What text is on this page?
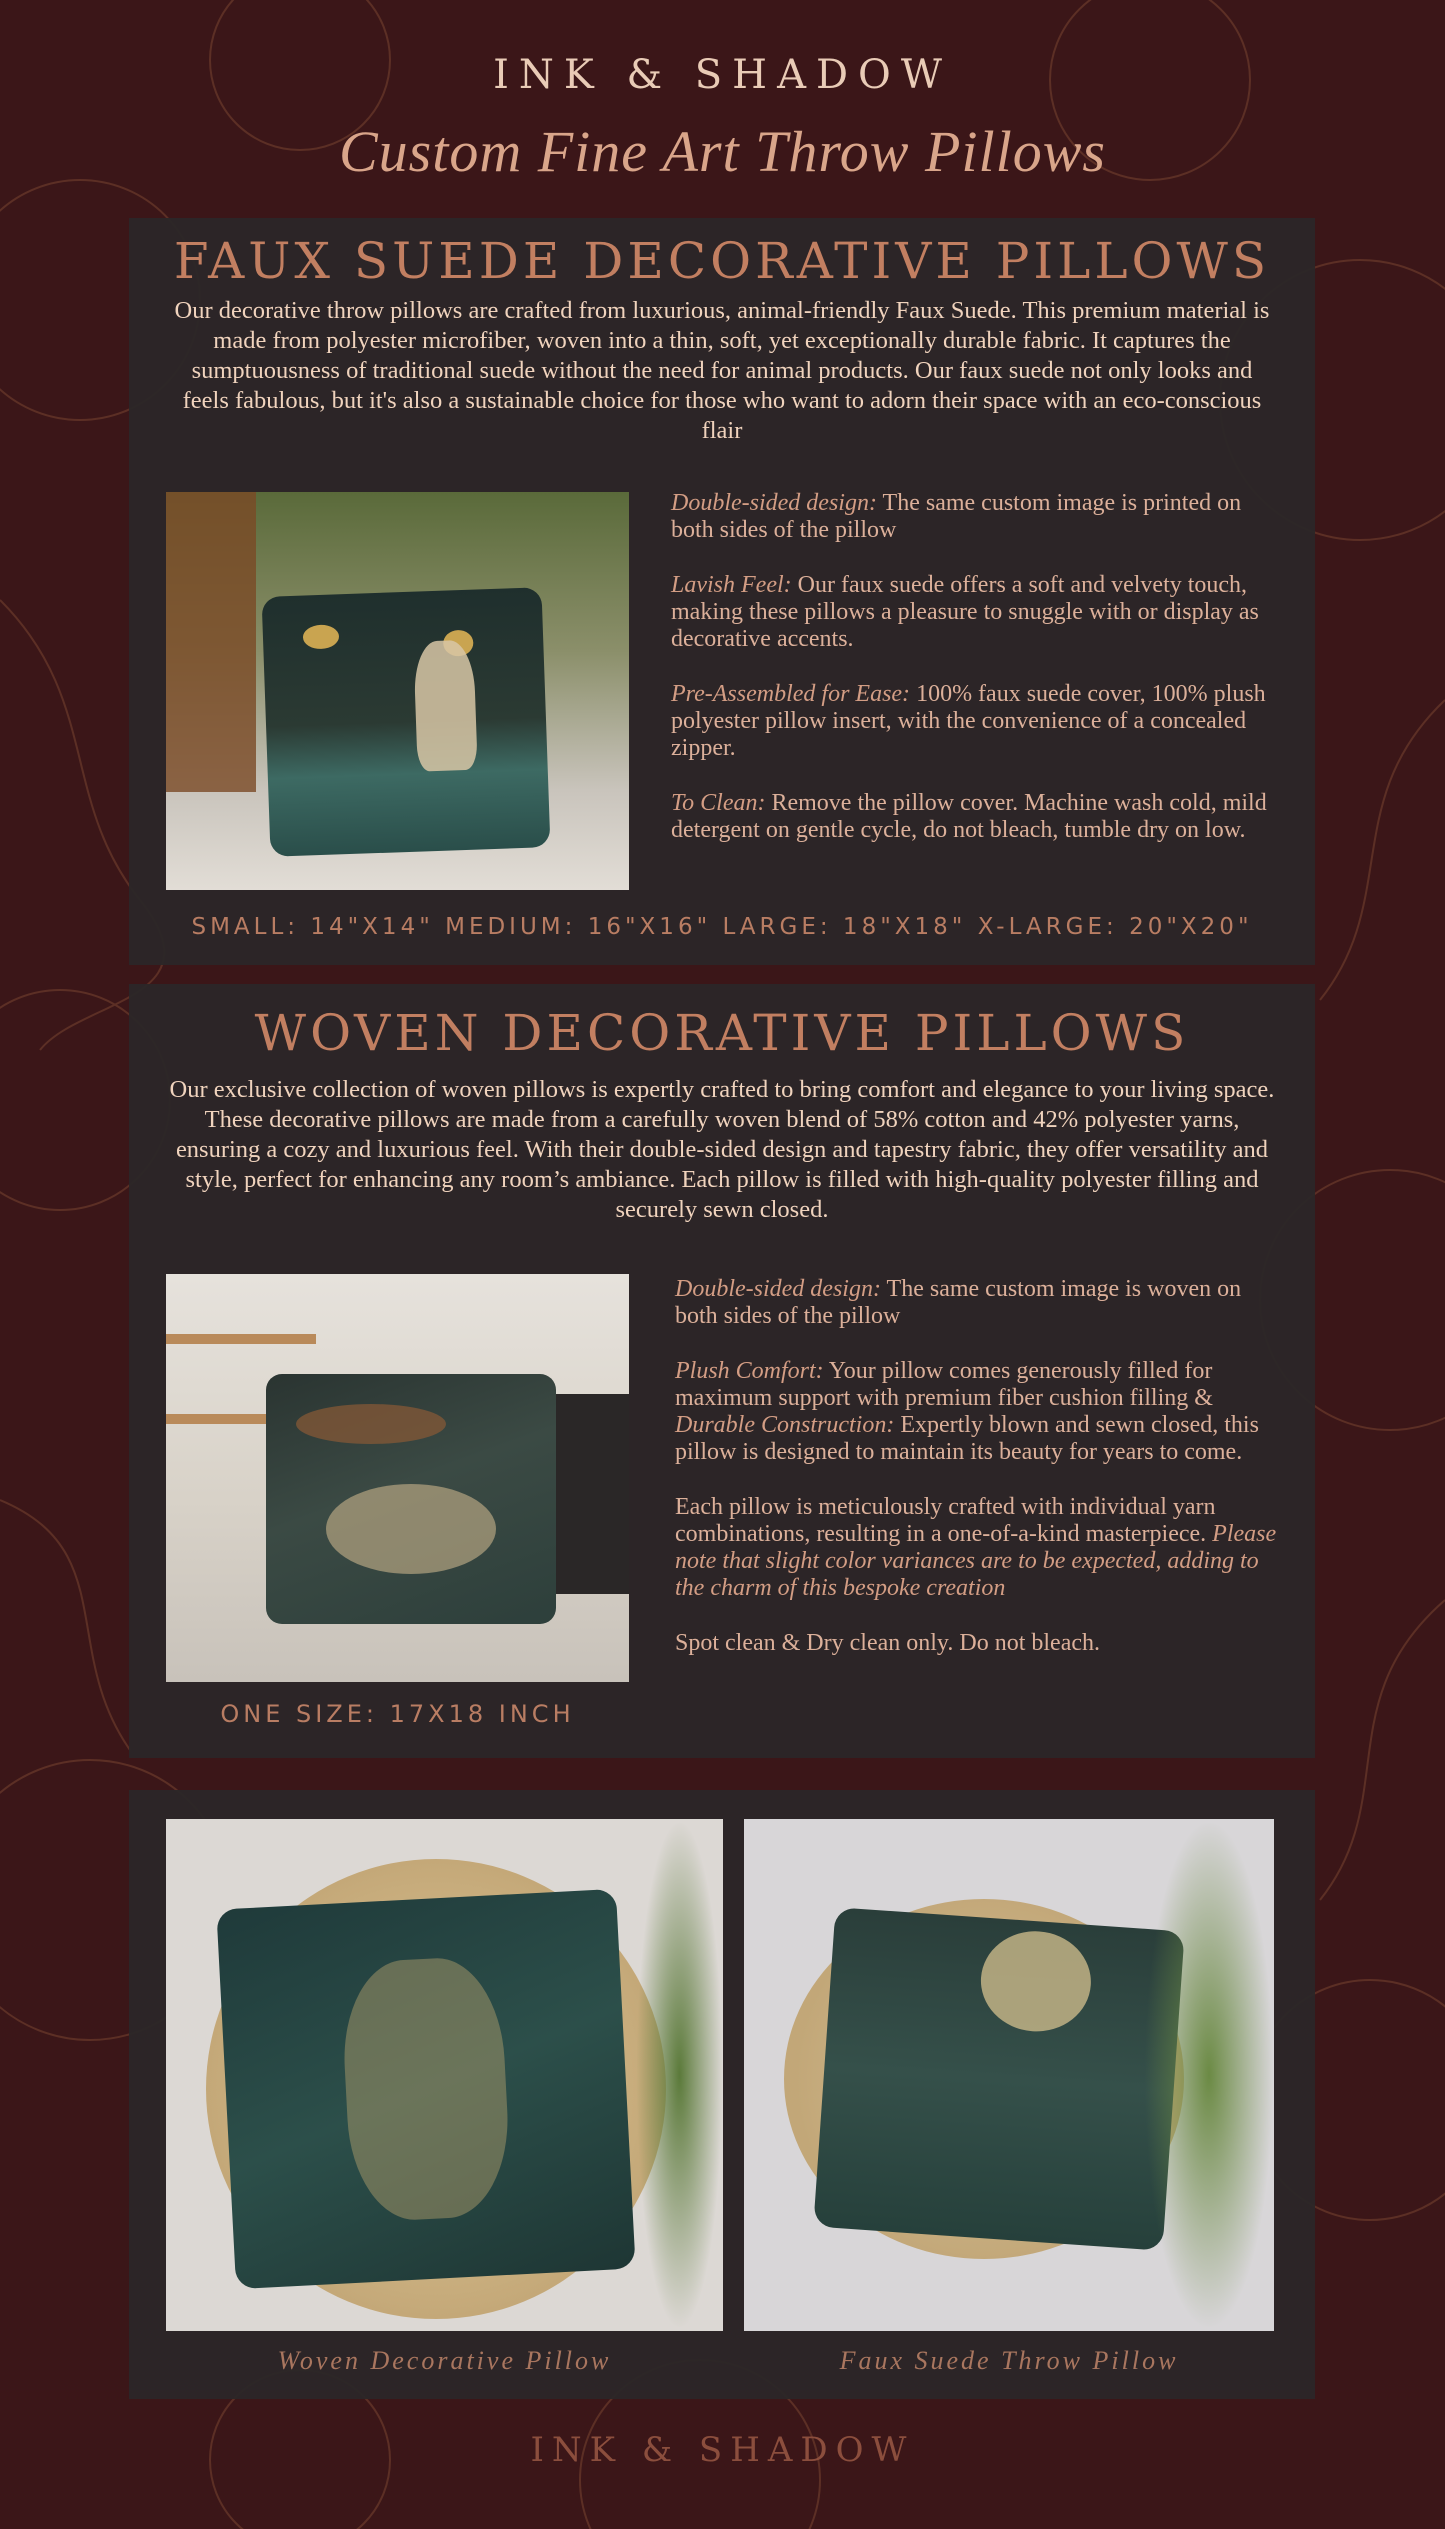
INK & SHADOW
Custom Fine Art Throw Pillows
FAUX SUEDE DECORATIVE PILLOWS
Our decorative throw pillows are crafted from luxurious, animal-friendly Faux Suede. This premium material is made from polyester microfiber, woven into a thin, soft, yet exceptionally durable fabric. It captures the sumptuousness of traditional suede without the need for animal products. Our faux suede not only looks and feels fabulous, but it's also a sustainable choice for those who want to adorn their space with an eco-conscious flair

Double-sided design: The same custom image is printed on both sides of the pillow

Lavish Feel: Our faux suede offers a soft and velvety touch, making these pillows a pleasure to snuggle with or display as decorative accents.

Pre-Assembled for Ease: 100% faux suede cover, 100% plush polyester pillow insert, with the convenience of a concealed zipper.

To Clean: Remove the pillow cover. Machine wash cold, mild detergent on gentle cycle, do not bleach, tumble dry on low.

SMALL: 14"X14" MEDIUM: 16"X16" LARGE: 18"X18" X-LARGE: 20"X20"
WOVEN DECORATIVE PILLOWS
Our exclusive collection of woven pillows is expertly crafted to bring comfort and elegance to your living space. These decorative pillows are made from a carefully woven blend of 58% cotton and 42% polyester yarns, ensuring a cozy and luxurious feel. With their double-sided design and tapestry fabric, they offer versatility and style, perfect for enhancing any room’s ambiance. Each pillow is filled with high-quality polyester filling and securely sewn closed.

Double-sided design: The same custom image is woven on both sides of the pillow

Plush Comfort: Your pillow comes generously filled for maximum support with premium fiber cushion filling & Durable Construction: Expertly blown and sewn closed, this pillow is designed to maintain its beauty for years to come.

Each pillow is meticulously crafted with individual yarn combinations, resulting in a one-of-a-kind masterpiece. Please note that slight color variances are to be expected, adding to the charm of this bespoke creation

Spot clean & Dry clean only. Do not bleach.

ONE SIZE: 17X18 INCH
Woven Decorative Pillow	Faux Suede Throw Pillow
INK & SHADOW
